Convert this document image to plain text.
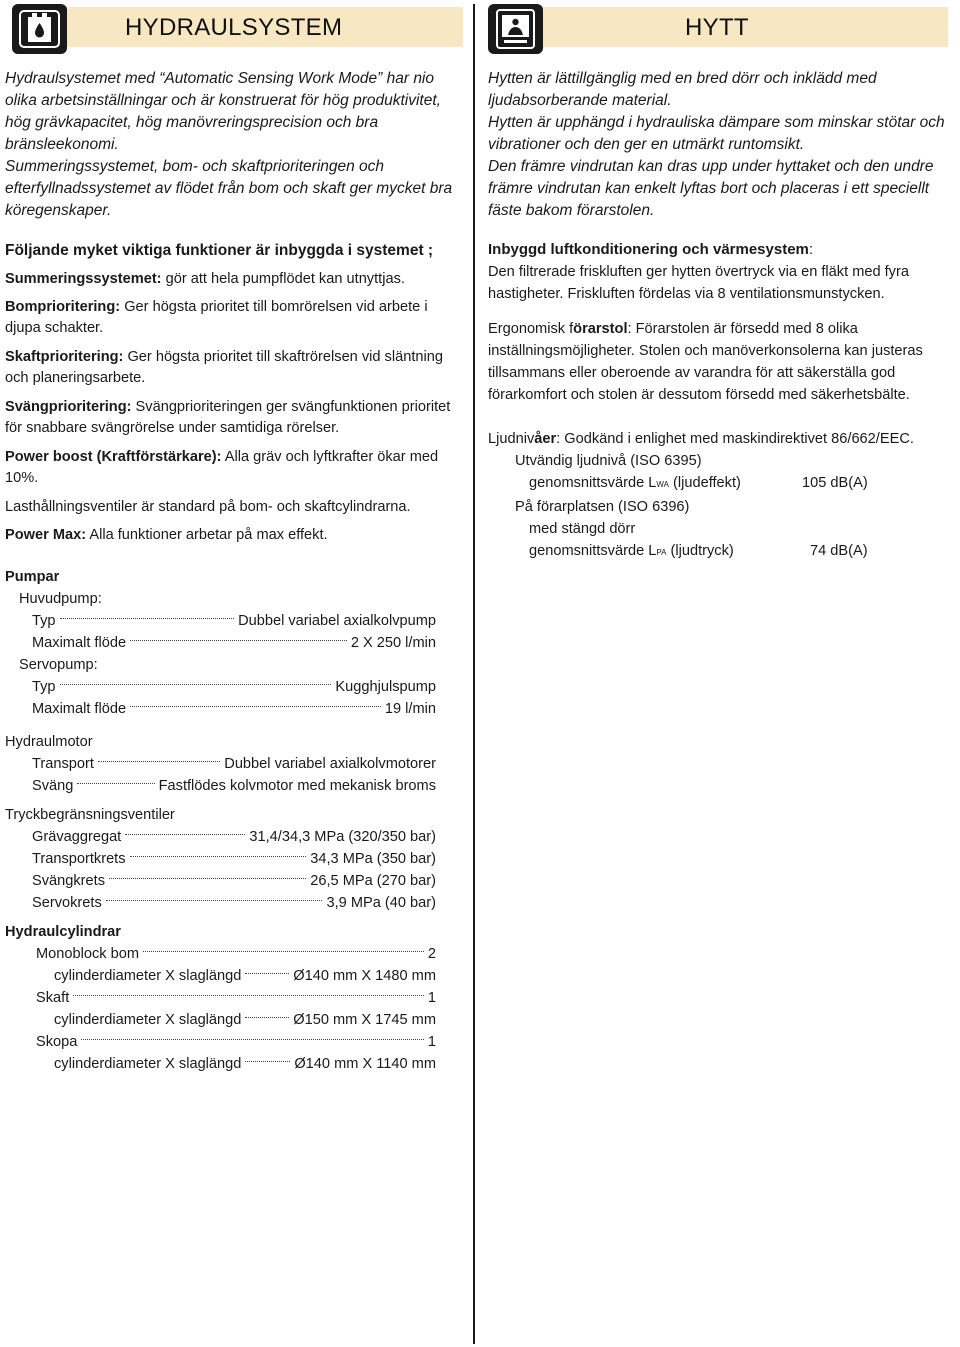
HYDRAULSYSTEM

Hydraulsystemet med “Automatic Sensing Work Mode” har nio olika arbetsinställningar och är konstruerat för hög produktivitet, hög grävkapacitet, hög manövreringsprecision och bra bränsleekonomi.

Summeringssystemet, bom- och skaftprioriteringen och efterfyllnadssystemet av flödet från bom och skaft ger mycket bra köregenskaper.

Följande myket viktiga funktioner är inbyggda i systemet ;

Summeringssystemet: gör att hela pumpflödet kan utnyttjas.

Bomprioritering: Ger högsta prioritet till bomrörelsen vid arbete i djupa schakter.

Skaftprioritering: Ger högsta prioritet till skaftrörelsen vid släntning och planeringsarbete.

Svängprioritering: Svängprioriteringen ger svängfunktionen prioritet för snabbare svängrörelse under samtidiga rörelser.

Power boost (Kraftförstärkare): Alla gräv och lyftkrafter ökar med 10%.

Lasthållningsventiler är standard på bom- och skaftcylindrarna.

Power Max: Alla funktioner arbetar på max effekt.

Pumpar
Huvudpump:
Typ	Dubbel variabel axialkolvpump
Maximalt flöde	2 X 250 l/min
Servopump:
Typ	Kugghjulspump
Maximalt flöde	19 l/min
Hydraulmotor
Transport	Dubbel variabel axialkolvmotorer
Sväng	Fastflödes kolvmotor med mekanisk broms
Tryckbegränsningsventiler
Grävaggregat	31,4/34,3 MPa (320/350 bar)
Transportkrets	34,3 MPa (350 bar)
Svängkrets	26,5 MPa (270 bar)
Servokrets	3,9 MPa (40 bar)
Hydraulcylindrar
Monoblock bom	2
cylinderdiameter X slaglängd	Ø140 mm X 1480 mm
Skaft	1
cylinderdiameter X slaglängd	Ø150 mm X 1745 mm
Skopa	1
cylinderdiameter X slaglängd	Ø140 mm X 1140 mm
HYTT

Hytten är lättillgänglig med en bred dörr och inklädd med ljudabsorberande material.

Hytten är upphängd i hydrauliska dämpare som minskar stötar och vibrationer och den ger en utmärkt runtomsikt.

Den främre vindrutan kan dras upp under hyttaket och den undre främre vindrutan kan enkelt lyftas bort och placeras i ett speciellt fäste bakom förarstolen.

Inbyggd luftkonditionering och värmesystem:

Den filtrerade friskluften ger hytten övertryck via en fläkt med fyra hastigheter. Friskluften fördelas via 8 ventilationsmunstycken.

Ergonomisk förarstol: Förarstolen är försedd med 8 olika inställningsmöjligheter. Stolen och manöverkonsolerna kan justeras tillsammans eller oberoende av varandra för att säkerställa god förarkomfort och stolen är dessutom försedd med säkerhetsbälte.

Ljudnivåer: Godkänd i enlighet med maskindirektivet 86/662/EEC.
Utvändig ljudnivå (ISO 6395)
genomsnittsvärde LWA (ljudeffekt)	105 dB(A)
På förarplatsen (ISO 6396)
med stängd dörr
genomsnittsvärde LPA (ljudtryck)	74 dB(A)
